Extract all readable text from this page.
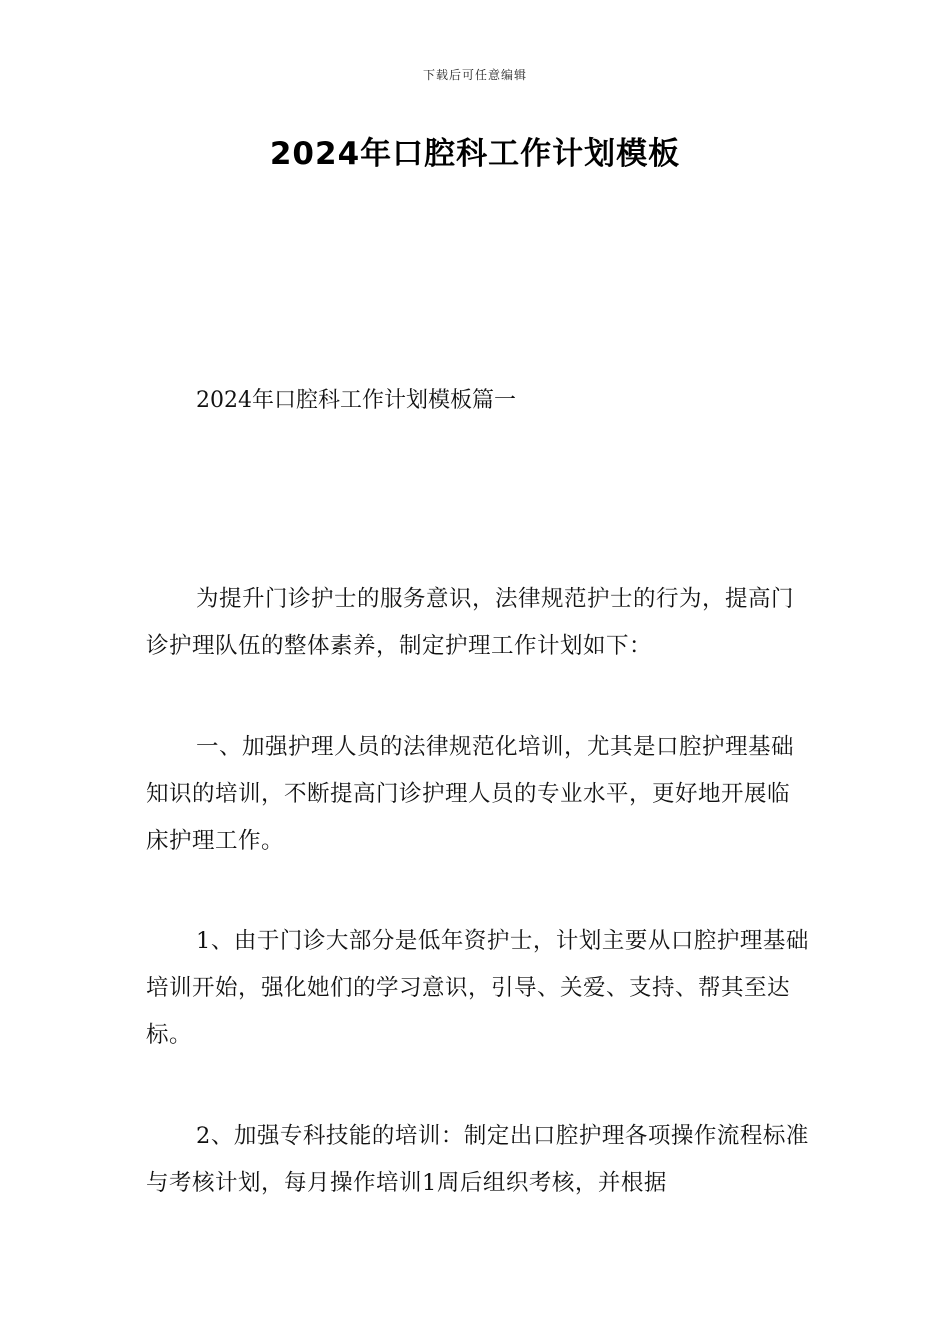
下载后可任意编辑
2024年口腔科工作计划模板
2024年口腔科工作计划模板篇一

为提升门诊护士的服务意识，法律规范护士的行为，提高门诊护理队伍的整体素养，制定护理工作计划如下：

一、加强护理人员的法律规范化培训，尤其是口腔护理基础知识的培训，不断提高门诊护理人员的专业水平，更好地开展临床护理工作。

1、由于门诊大部分是低年资护士，计划主要从口腔护理基础培训开始，强化她们的学习意识，引导、关爱、支持、帮其至达标。

2、加强专科技能的培训：制定出口腔护理各项操作流程标准与考核计划，每月操作培训1周后组织考核，并根据
